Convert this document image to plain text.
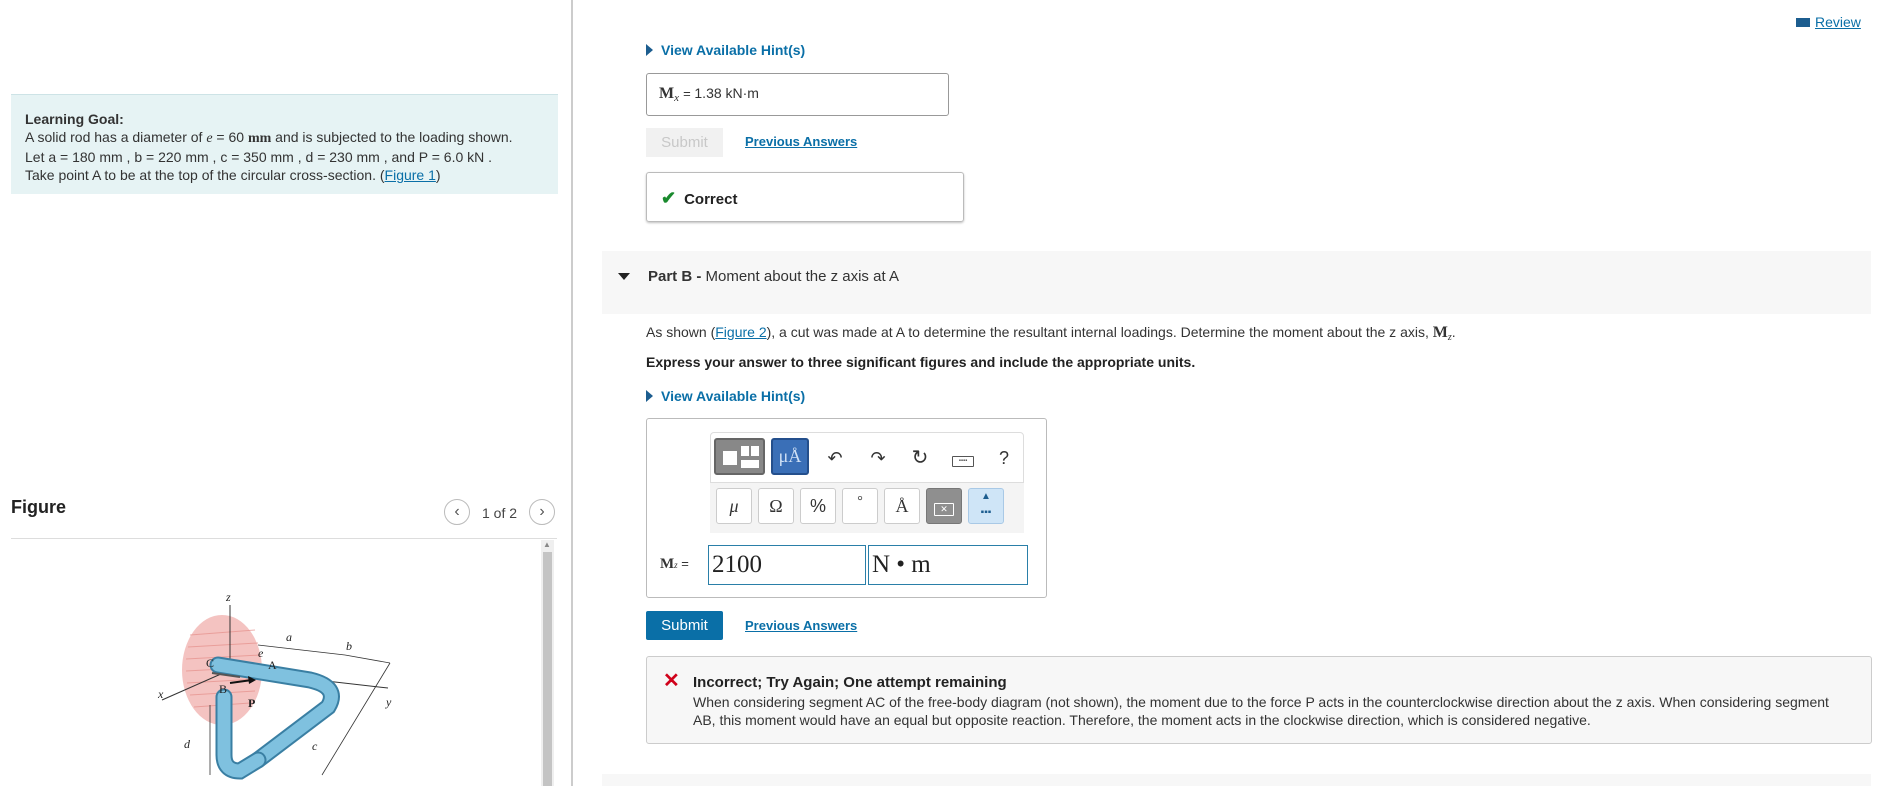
Learning Goal:
A solid rod has a diameter of e = 60 mm and is subjected to the loading shown.
Let a = 180 mm , b = 220 mm , c = 350 mm , d = 230 mm , and P = 6.0 kN .
Take point A to be at the top of the circular cross-section. (Figure 1)
Figure	‹	1 of 2	›
z
x
y
a
b
c
d
e
A
B
C
P
▲
Review
View Available Hint(s)
$M_x = 1.38$ kN·m
Submit	Previous Answers
✔ Correct
Part B - Moment about the z axis at A
As shown (Figure 2), a cut was made at A to determine the resultant internal loadings. Determine the moment about the z axis, $M_z$.
Express your answer to three significant figures and include the appropriate units.
View Available Hint(s)
μÅ	↶ ↷ ↻	▪▪▪▪	?
μ	Ω	%	°	Å	✕
▲
▪▪▪
Mz = 2100	N • m
Submit	Previous Answers
✕ Incorrect; Try Again; One attempt remaining
When considering segment AC of the free-body diagram (not shown), the moment due to the force P acts in the counterclockwise direction about the z axis. When considering segment AB, this moment would have an equal but opposite reaction. Therefore, the moment acts in the clockwise direction, which is considered negative.
